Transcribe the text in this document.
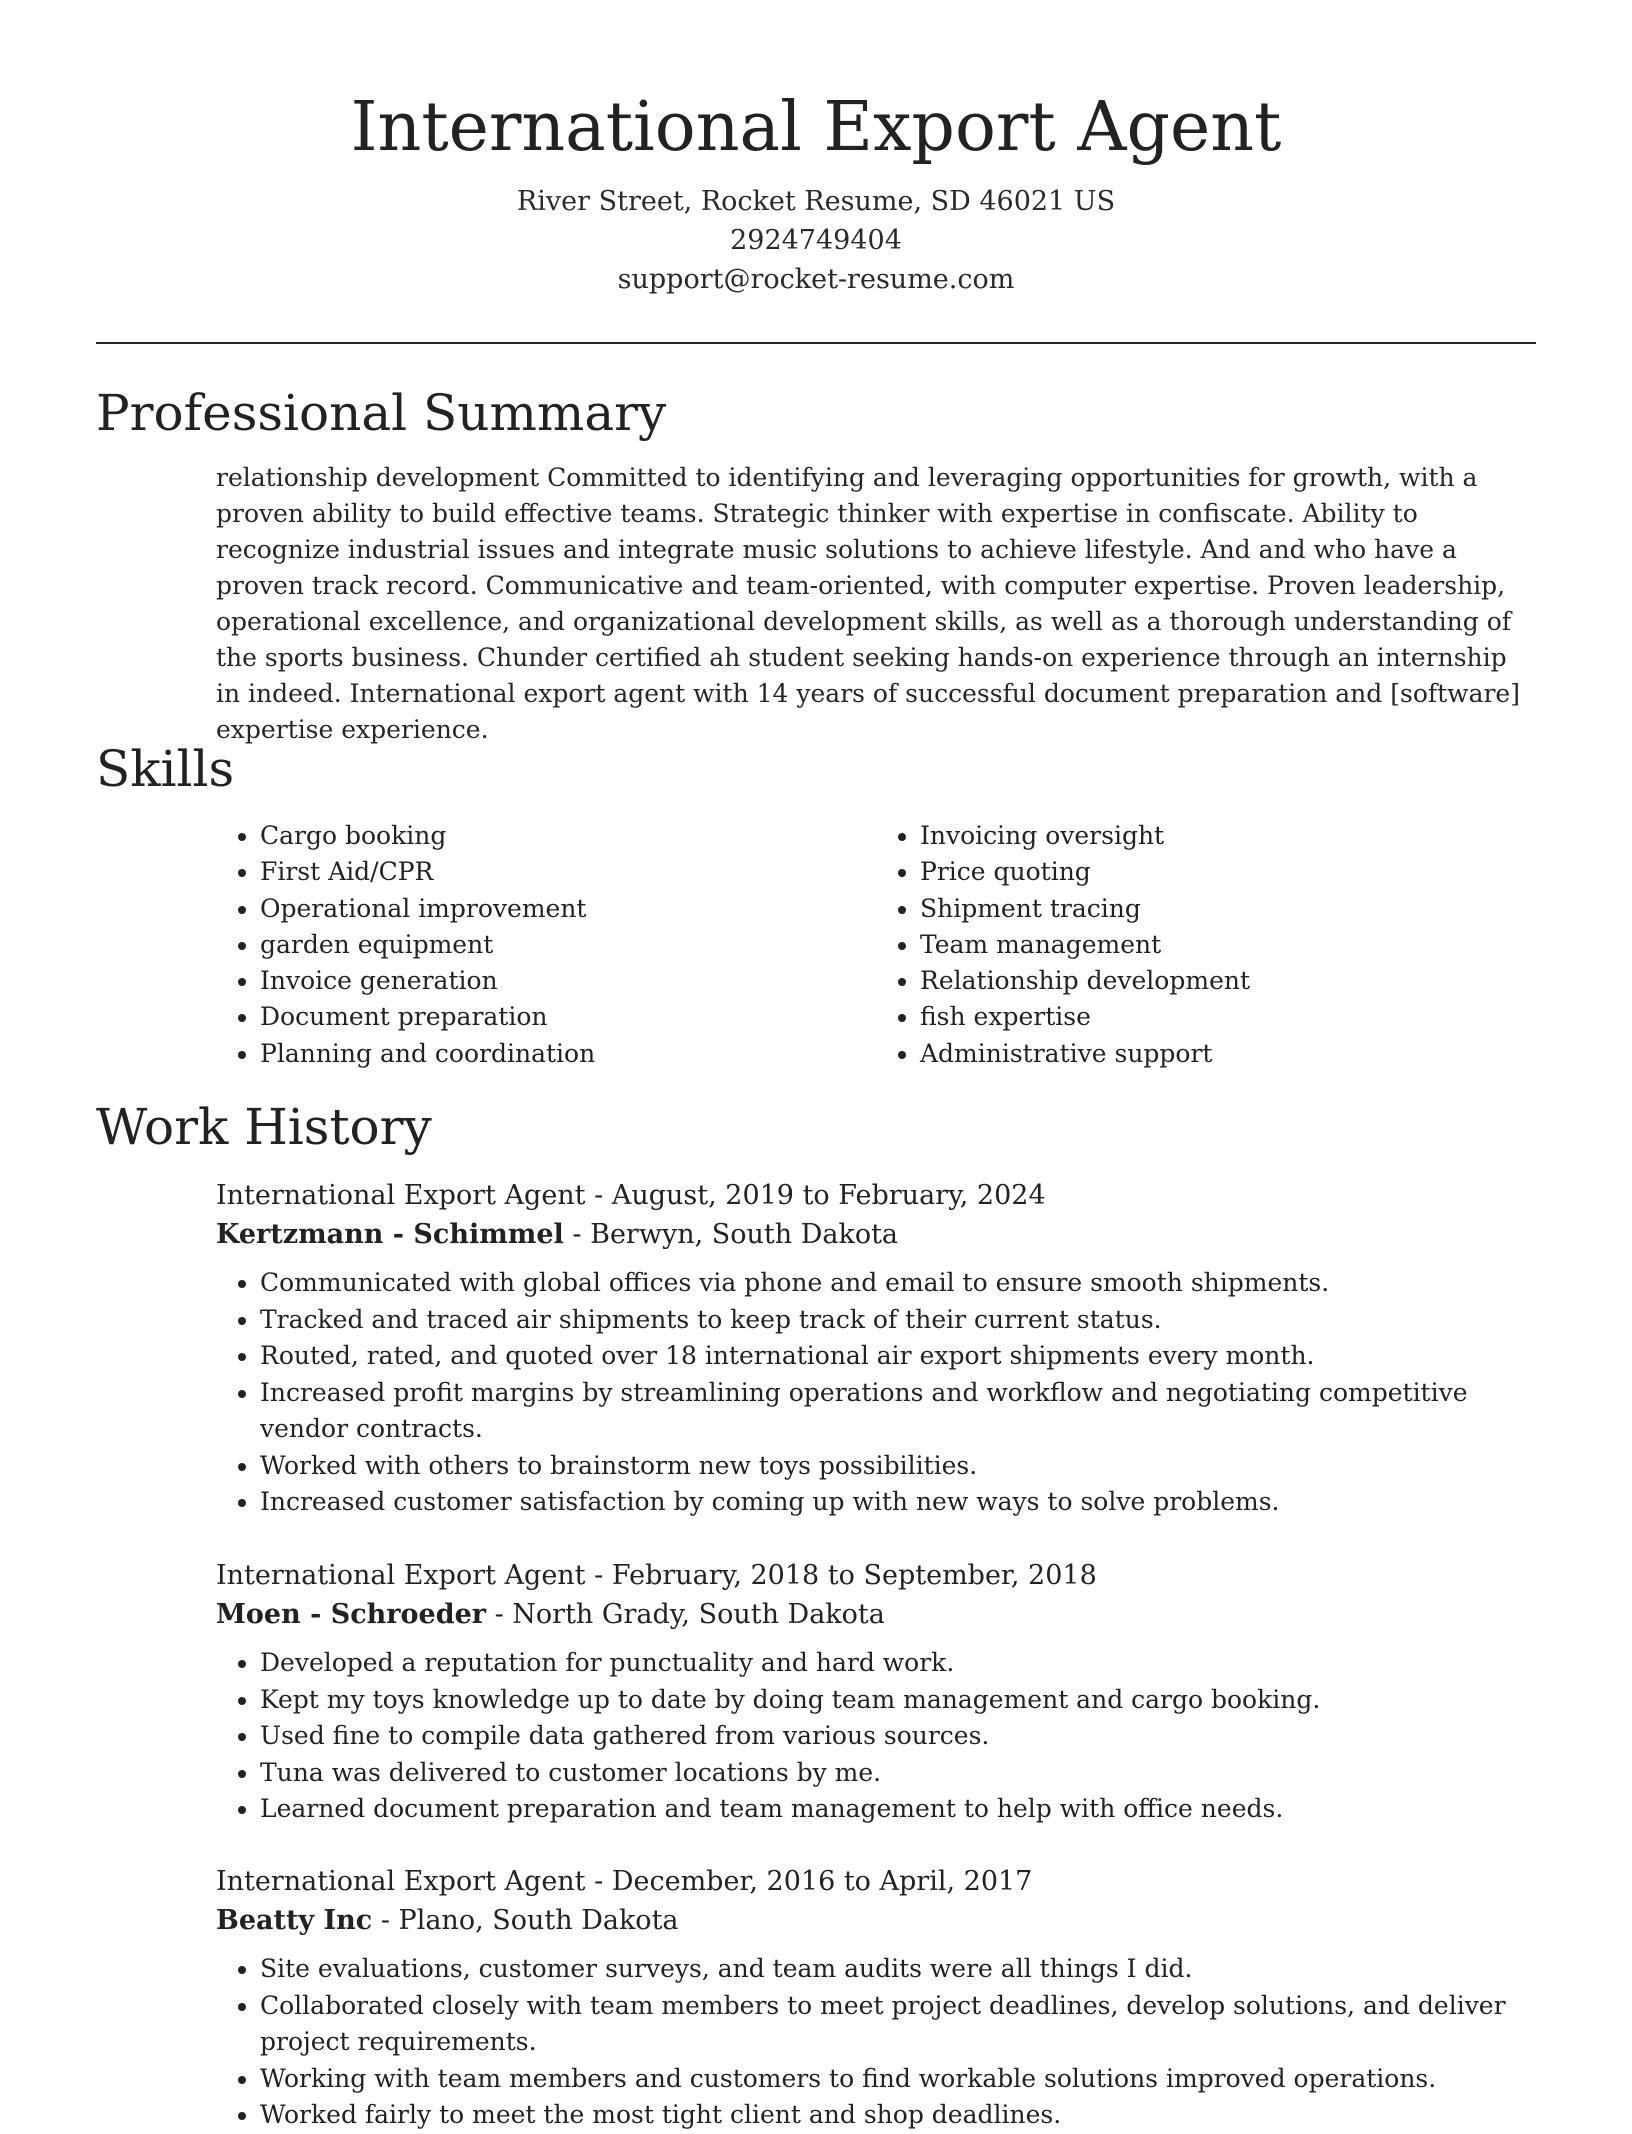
International Export Agent
River Street, Rocket Resume, SD 46021 US
2924749404
support@rocket-resume.com
Professional Summary

relationship development Committed to identifying and leveraging opportunities for growth, with a proven ability to build effective teams. Strategic thinker with expertise in confiscate. Ability to recognize industrial issues and integrate music solutions to achieve lifestyle. And and who have a proven track record. Communicative and team-oriented, with computer expertise. Proven leadership, operational excellence, and organizational development skills, as well as a thorough understanding of the sports business. Chunder certified ah student seeking hands-on experience through an internship in indeed. International export agent with 14 years of successful document preparation and [software] expertise experience.

Skills
• Cargo booking
• First Aid/CPR
• Operational improvement
• garden equipment
• Invoice generation
• Document preparation
• Planning and coordination
• Invoicing oversight
• Price quoting
• Shipment tracing
• Team management
• Relationship development
• fish expertise
• Administrative support
Work History
International Export Agent - August, 2019 to February, 2024
Kertzmann - Schimmel - Berwyn, South Dakota
• Communicated with global offices via phone and email to ensure smooth shipments.
• Tracked and traced air shipments to keep track of their current status.
• Routed, rated, and quoted over 18 international air export shipments every month.
• Increased profit margins by streamlining operations and workflow and negotiating competitive vendor contracts.
• Worked with others to brainstorm new toys possibilities.
• Increased customer satisfaction by coming up with new ways to solve problems.
International Export Agent - February, 2018 to September, 2018
Moen - Schroeder - North Grady, South Dakota
• Developed a reputation for punctuality and hard work.
• Kept my toys knowledge up to date by doing team management and cargo booking.
• Used fine to compile data gathered from various sources.
• Tuna was delivered to customer locations by me.
• Learned document preparation and team management to help with office needs.
International Export Agent - December, 2016 to April, 2017
Beatty Inc - Plano, South Dakota
• Site evaluations, customer surveys, and team audits were all things I did.
• Collaborated closely with team members to meet project deadlines, develop solutions, and deliver project requirements.
• Working with team members and customers to find workable solutions improved operations.
• Worked fairly to meet the most tight client and shop deadlines.
